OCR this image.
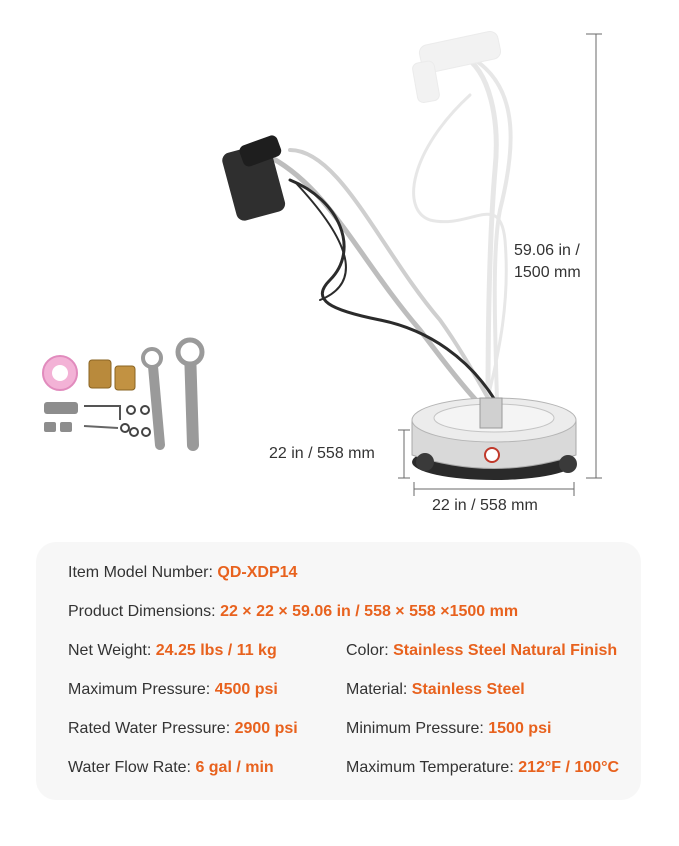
59.06 in /
1500 mm
22 in / 558 mm
22 in / 558 mm
Item Model Number: QD-XDP14
Product Dimensions: 22 × 22 × 59.06 in / 558 × 558 ×1500 mm
Net Weight: 24.25 lbs / 11 kg	Color: Stainless Steel Natural Finish
Maximum Pressure: 4500 psi	Material: Stainless Steel
Rated Water Pressure: 2900 psi	Minimum Pressure: 1500 psi
Water Flow Rate: 6 gal / min	Maximum Temperature: 212°F / 100°C
